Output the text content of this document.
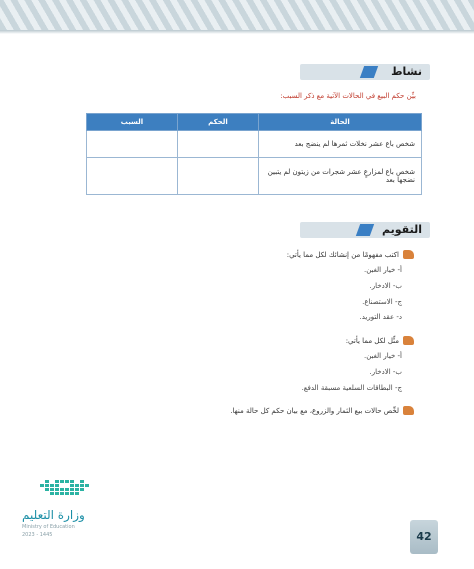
نشاط
بيِّن حكم البيع في الحالات الآتية مع ذكر السبب:
الحالة	الحكم	السبب
شخص باع عشر نخلات ثمرها لم ينضج بعد		
شخص باع لمزارعٍ عشر شجرات من زيتون لم يتبين نضجها بعد		
التقويم
اكتب مفهومًا من إنشائك لكل مما يأتي:
أ- خيار الغبن.
ب- الادخار.
ج- الاستصناع.
د- عقد التوريد.
مثِّل لكل مما يأتي:
أ- خيار الغبن.
ب- الادخار.
ج- البطاقات السلعية مسبقة الدفع.
لخِّص حالات بيع الثمار والزروع، مع بيان حكم كل حالة منها.
وزارة التعليم
Ministry of Education
2023 - 1445	42
